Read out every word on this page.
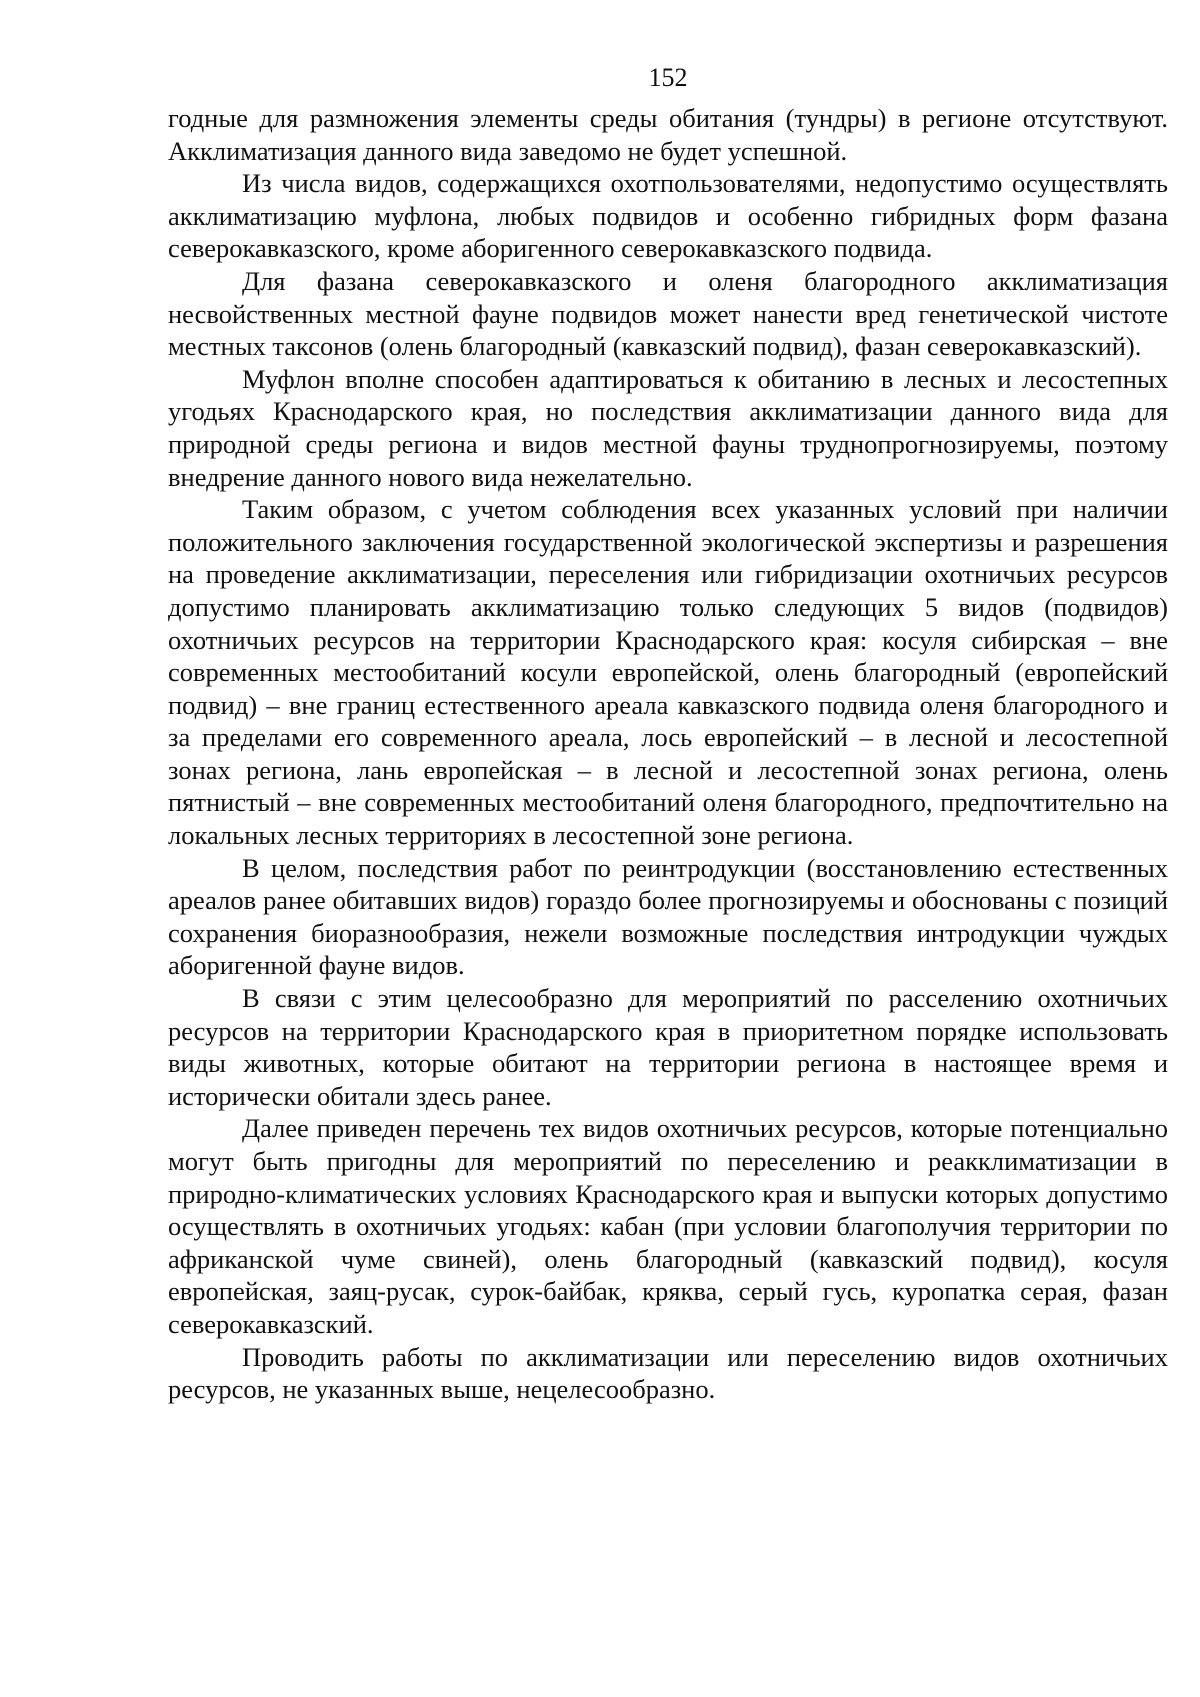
152

годные для размножения элементы среды обитания (тундры) в регионе отсутствуют. Акклиматизация данного вида заведомо не будет успешной.

Из числа видов, содержащихся охотпользователями, недопустимо осуществлять акклиматизацию муфлона, любых подвидов и особенно гибридных форм фазана северокавказского, кроме аборигенного северокавказского подвида.

Для фазана северокавказского и оленя благородного акклиматизация несвойственных местной фауне подвидов может нанести вред генетической чистоте местных таксонов (олень благородный (кавказский подвид), фазан северокавказский).

Муфлон вполне способен адаптироваться к обитанию в лесных и лесостепных угодьях Краснодарского края, но последствия акклиматизации данного вида для природной среды региона и видов местной фауны труднопрогнозируемы, поэтому внедрение данного нового вида нежелательно.

Таким образом, с учетом соблюдения всех указанных условий при наличии положительного заключения государственной экологической экспертизы и разрешения на проведение акклиматизации, переселения или гибридизации охотничьих ресурсов допустимо планировать акклиматизацию только следующих 5 видов (подвидов) охотничьих ресурсов на территории Краснодарского края: косуля сибирская – вне современных местообитаний косули европейской, олень благородный (европейский подвид) – вне границ естественного ареала кавказского подвида оленя благородного и за пределами его современного ареала, лось европейский – в лесной и лесостепной зонах региона, лань европейская – в лесной и лесостепной зонах региона, олень пятнистый – вне современных местообитаний оленя благородного, предпочтительно на локальных лесных территориях в лесостепной зоне региона.

В целом, последствия работ по реинтродукции (восстановлению естественных ареалов ранее обитавших видов) гораздо более прогнозируемы и обоснованы с позиций сохранения биоразнообразия, нежели возможные последствия интродукции чуждых аборигенной фауне видов.

В связи с этим целесообразно для мероприятий по расселению охотничьих ресурсов на территории Краснодарского края в приоритетном порядке использовать виды животных, которые обитают на территории региона в настоящее время и исторически обитали здесь ранее.

Далее приведен перечень тех видов охотничьих ресурсов, которые потенциально могут быть пригодны для мероприятий по переселению и реакклиматизации в природно-климатических условиях Краснодарского края и выпуски которых допустимо осуществлять в охотничьих угодьях: кабан (при условии благополучия территории по африканской чуме свиней), олень благородный (кавказский подвид), косуля европейская, заяц-русак, сурок-байбак, кряква, серый гусь, куропатка серая, фазан северокавказский.

Проводить работы по акклиматизации или переселению видов охотничьих ресурсов, не указанных выше, нецелесообразно.
